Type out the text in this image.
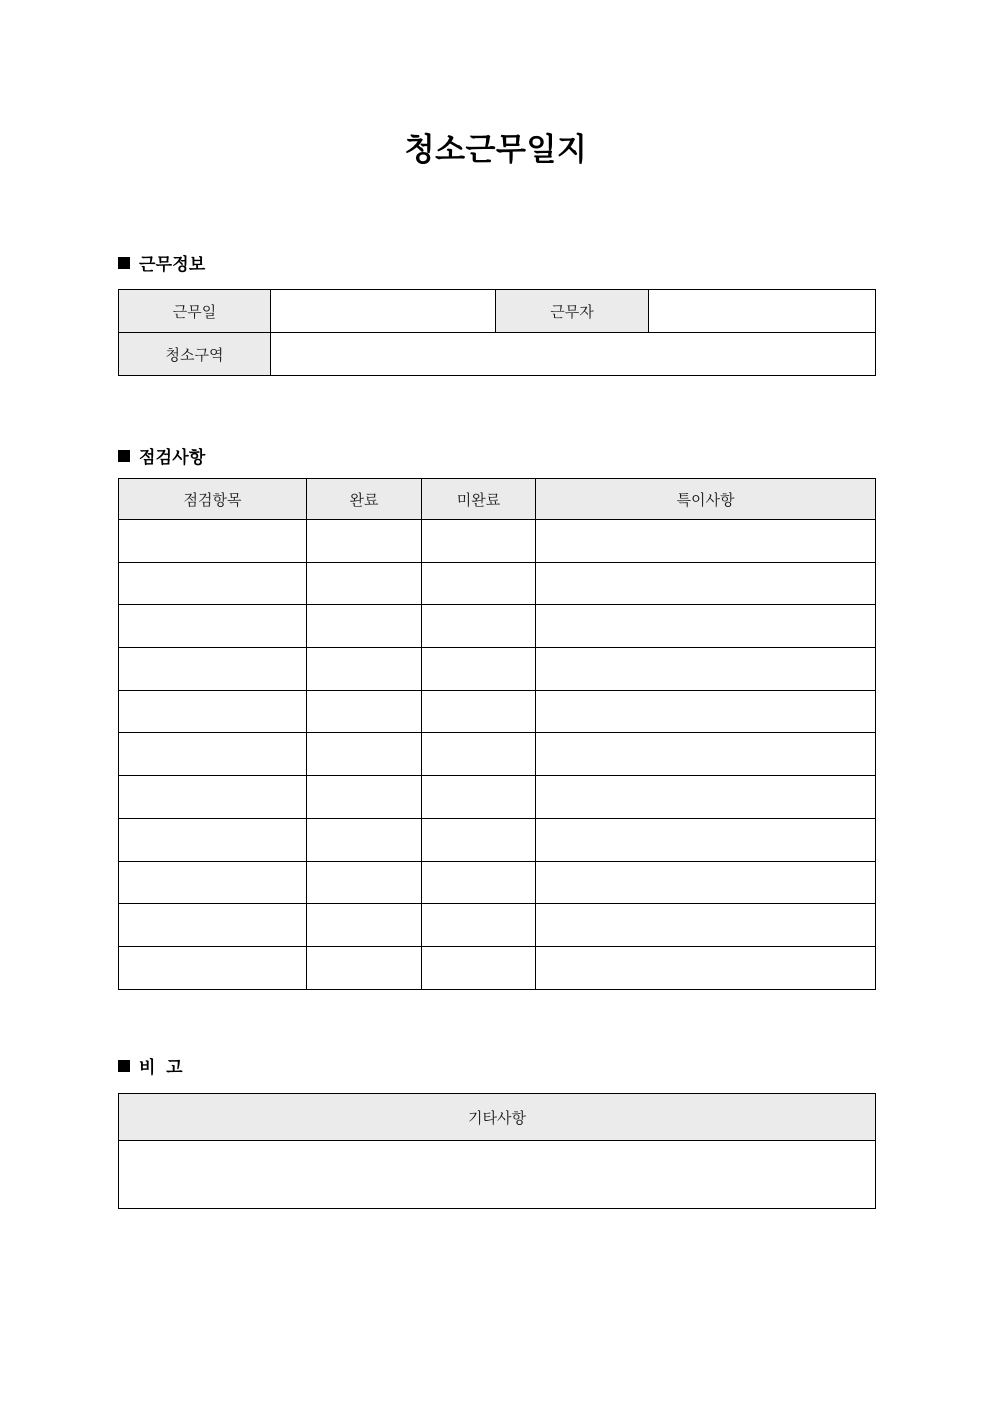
청소근무일지
근무정보
근무일		근무자	
청소구역			
점검사항
점검항목	완료	미완료	특이사항

비 고
기타사항
